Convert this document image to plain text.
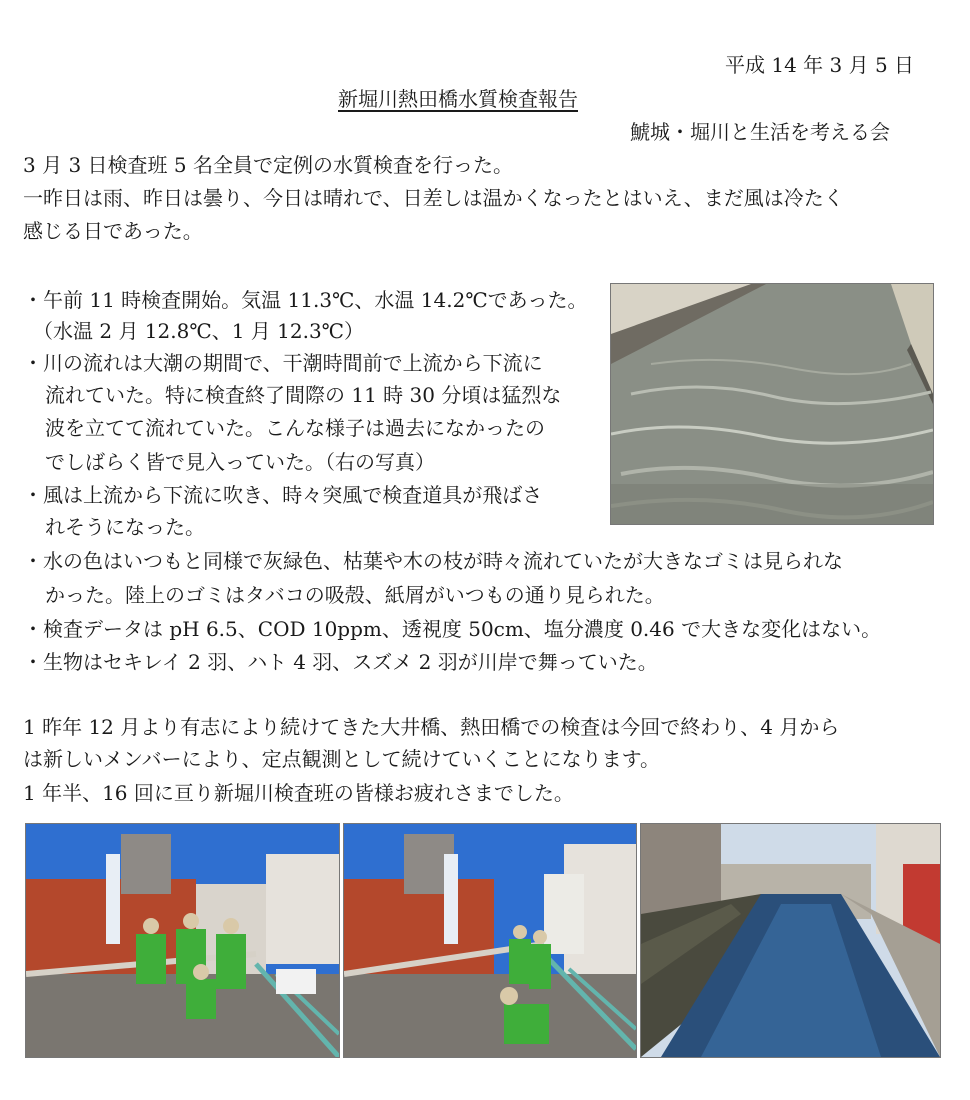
平成 14 年 3 月 5 日
新堀川熱田橋水質検査報告
鯱城・堀川と生活を考える会
3 月 3 日検査班 5 名全員で定例の水質検査を行った。
一昨日は雨、昨日は曇り、今日は晴れで、日差しは温かくなったとはいえ、まだ風は冷たく
感じる日であった。
・午前 11 時検査開始。気温 11.3℃、水温 14.2℃であった。
（水温 2 月 12.8℃、1 月 12.3℃）
・川の流れは大潮の期間で、干潮時間前で上流から下流に
流れていた。特に検査終了間際の 11 時 30 分頃は猛烈な
波を立てて流れていた。こんな様子は過去になかったの
でしばらく皆で見入っていた。（右の写真）
・風は上流から下流に吹き、時々突風で検査道具が飛ばさ
れそうになった。
・水の色はいつもと同様で灰緑色、枯葉や木の枝が時々流れていたが大きなゴミは見られな
かった。陸上のゴミはタバコの吸殻、紙屑がいつもの通り見られた。
・検査データは pH 6.5、COD 10ppm、透視度 50cm、塩分濃度 0.46 で大きな変化はない。
・生物はセキレイ 2 羽、ハト 4 羽、スズメ 2 羽が川岸で舞っていた。
1 昨年 12 月より有志により続けてきた大井橋、熱田橋での検査は今回で終わり、4 月から
は新しいメンバーにより、定点観測として続けていくことになります。
1 年半、16 回に亘り新堀川検査班の皆様お疲れさまでした。
